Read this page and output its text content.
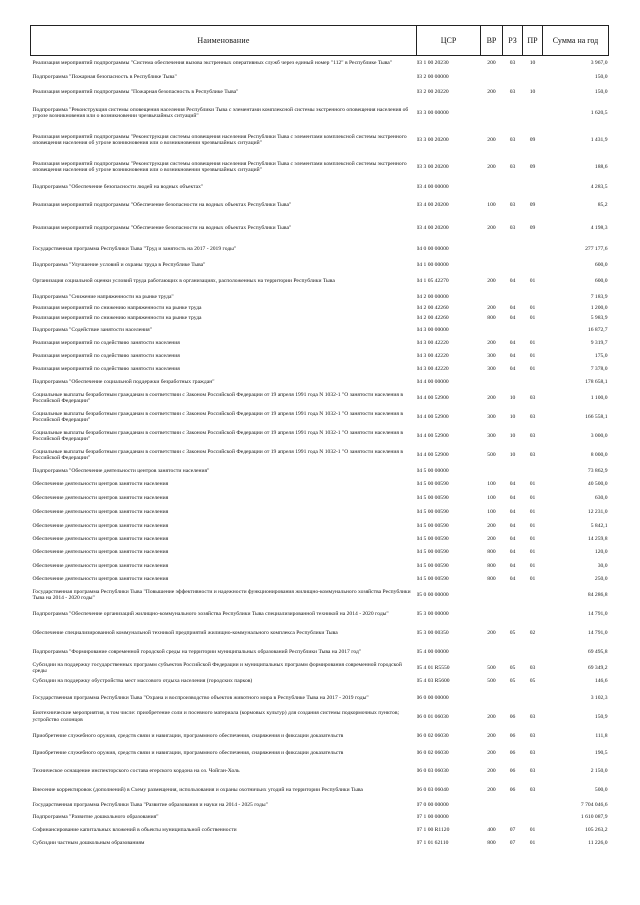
Наименование	ЦСР	ВР	РЗ	ПР	Сумма на год
Реализация мероприятий подпрограммы "Система обеспечения вызова экстренных оперативных служб через единый номер "112" в Республике Тыва"	03 1 00 20230	200	03	10	3 967,0
Подпрограмма "Пожарная безопасность в Республике Тыва"	03 2 00 00000				150,0
Реализация мероприятий подпрограммы "Пожарная безопасность в Республике Тыва"	03 2 00 20220	200	03	10	150,0
Подпрограмма "Реконструкция системы оповещения населения Республики Тыва с элементами комплексной системы экстренного оповещения населения об угрозе возникновения или о возникновении чрезвычайных ситуаций"	03 3 00 00000				1 620,5
Реализация мероприятий подпрограммы "Реконструкция системы оповещения населения Республики Тыва с элементами комплексной системы экстренного оповещения населения об угрозе возникновения или о возникновении чрезвычайных ситуаций"	03 3 00 20200	200	03	09	1 431,9
Реализация мероприятий подпрограммы "Реконструкция системы оповещения населения Республики Тыва с элементами комплексной системы экстренного оповещения населения об угрозе возникновения или о возникновении чрезвычайных ситуаций"	03 3 00 20200	200	03	09	188,6
Подпрограмма "Обеспечение безопасности людей на водных объектах"	03 4 00 00000				4 283,5
Реализация мероприятий подпрограммы "Обеспечение безопасности на водных объектах Республики Тыва"	03 4 00 20200	100	03	09	85,2
Реализация мероприятий подпрограммы "Обеспечение безопасности на водных объектах Республики Тыва"	03 4 00 20200	200	03	09	4 198,3
Государственная программа Республики Тыва "Труд и занятость на 2017 - 2019 годы"	04 0 00 00000				277 177,6
Подпрограмма "Улучшение условий и охраны труда в Республике Тыва"	04 1 00 00000				600,0
Организация социальной оценки условий труда работающих в организациях, расположенных на территории Республики Тыва	04 1 05 42270	200	04	01	600,0
Подпрограмма "Снижение напряженности на рынке труда"	04 2 00 00000				7 183,9
Реализация мероприятий по снижению напряженности на рынке труда	04 2 00 42260	200	04	01	1 200,0
Реализация мероприятий по снижению напряженности на рынке труда	04 2 00 42260	800	04	01	5 983,9
Подпрограмма "Содействие занятости населения"	04 3 00 00000				16 872,7
Реализация мероприятий по содействию занятости населения	04 3 00 42220	200	04	01	9 319,7
Реализация мероприятий по содействию занятости населения	04 3 00 42220	300	04	01	175,0
Реализация мероприятий по содействию занятости населения	04 3 00 42220	300	04	01	7 378,0
Подпрограмма "Обеспечение социальной поддержки безработных граждан"	04 4 00 00000				178 658,1
Социальные выплаты безработным гражданам в соответствии с Законом Российской Федерации от 19 апреля 1991 года N 1032-1 "О занятости населения в Российской Федерации"	04 4 00 52900	200	10	03	1 100,0
Социальные выплаты безработным гражданам в соответствии с Законом Российской Федерации от 19 апреля 1991 года N 1032-1 "О занятости населения в Российской Федерации"	04 4 00 52900	300	10	03	166 558,1
Социальные выплаты безработным гражданам в соответствии с Законом Российской Федерации от 19 апреля 1991 года N 1032-1 "О занятости населения в Российской Федерации"	04 4 00 52900	300	10	03	3 000,0
Социальные выплаты безработным гражданам в соответствии с Законом Российской Федерации от 19 апреля 1991 года N 1032-1 "О занятости населения в Российской Федерации"	04 4 00 52900	500	10	03	8 000,0
Подпрограмма "Обеспечение деятельности центров занятости населения"	04 5 00 00000				73 862,9
Обеспечение деятельности центров занятости населения	04 5 00 00590	100	04	01	40 500,0
Обеспечение деятельности центров занятости населения	04 5 00 00590	100	04	01	630,0
Обеспечение деятельности центров занятости населения	04 5 00 00590	100	04	01	12 231,0
Обеспечение деятельности центров занятости населения	04 5 00 00590	200	04	01	5 842,1
Обеспечение деятельности центров занятости населения	04 5 00 00590	200	04	01	14 259,8
Обеспечение деятельности центров занятости населения	04 5 00 00590	800	04	01	120,0
Обеспечение деятельности центров занятости населения	04 5 00 00590	800	04	01	30,0
Обеспечение деятельности центров занятости населения	04 5 00 00590	800	04	01	250,0
Государственная программа Республики Тыва "Повышение эффективности и надежности функционирования жилищно-коммунального хозяйства Республики Тыва на 2014 - 2020 годы"	05 0 00 00000				84 286,8
Подпрограмма "Обеспечение организаций жилищно-коммунального хозяйства Республики Тыва специализированной техникой на 2014 - 2020 годы"	05 3 00 00000				14 791,0
Обеспечение специализированной коммунальной техникой предприятий жилищно-коммунального комплекса Республики Тыва	05 3 00 00350	200	05	02	14 791,0
Подпрограмма "Формирование современной городской среды на территории муниципальных образований Республики Тыва на 2017 год"	05 4 00 00000				69 495,8
Субсидии на поддержку государственных программ субъектов Российской Федерации и муниципальных программ формирования современной городской среды	05 4 01 R5550	500	05	03	69 349,2
Субсидии на поддержку обустройства мест массового отдыха населения (городских парков)	05 4 03 R5600	500	05	05	146,6
Государственная программа Республики Тыва "Охрана и воспроизводство объектов животного мира в Республике Тыва на 2017 - 2019 годы"	06 0 00 00000				3 102,3
Биотехнические мероприятия, в том числе: приобретение соли и посевного материала (кормовых культур) для создания системы подкормочных пунктов; устройство солонцов	06 0 01 06030	200	06	03	150,9
Приобретение служебного оружия, средств связи и навигации, программного обеспечения, снаряжения и фиксации доказательств	06 0 02 06030	200	06	03	111,8
Приобретение служебного оружия, средств связи и навигации, программного обеспечения, снаряжения и фиксации доказательств	06 0 02 06030	200	06	03	190,5
Техническое оснащение инспекторского состава егерского кордона на оз. Чойган-Холь	06 0 03 06030	200	06	03	2 150,0
Внесение корректировок (дополнений) в Схему размещения, использования и охраны охотничьих угодий на территории Республики Тыва	06 0 03 06040	200	06	03	500,0
Государственная программа Республики Тыва "Развитие образования и науки на 2014 - 2025 годы"	07 0 00 00000				7 704 046,6
Подпрограмма "Развитие дошкольного образования"	07 1 00 00000				1 610 087,9
Софинансирование капитальных вложений в объекты муниципальной собственности	07 1 00 R1120	400	07	01	105 263,2
Субсидии частным дошкольным образованиям	07 1 01 62110	800	07	01	11 226,0
